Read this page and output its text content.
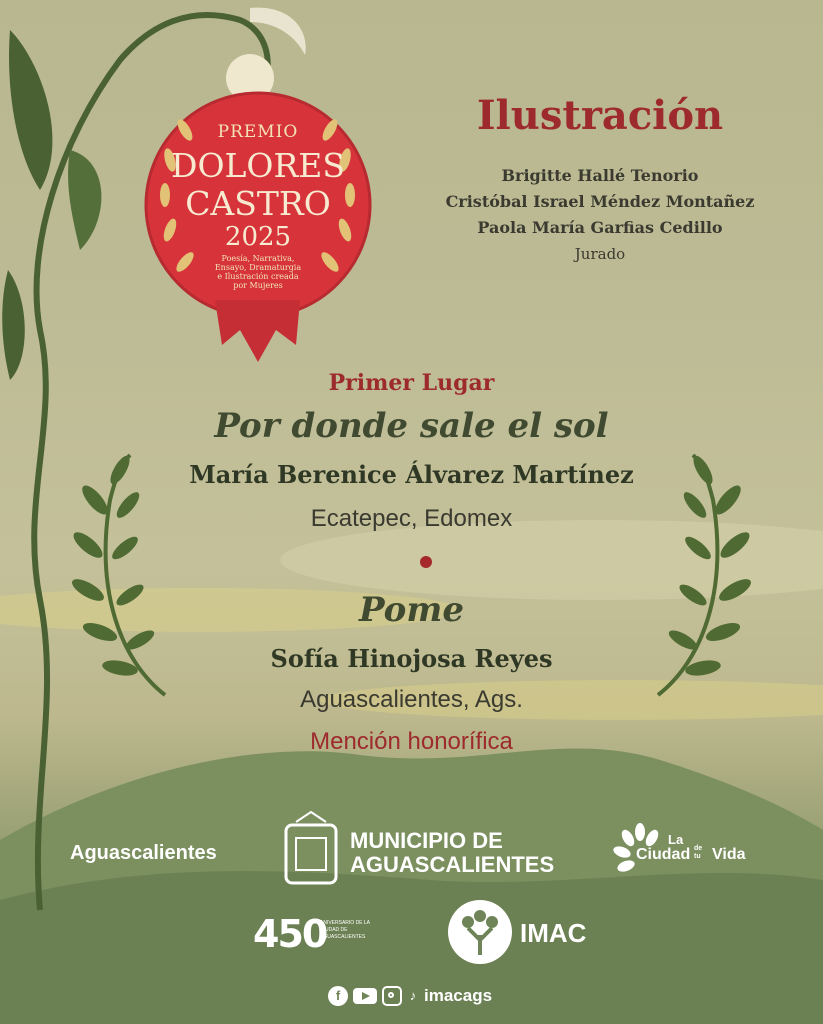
PREMIO
DOLORES
CASTRO
2025
Poesía, Narrativa,
Ensayo, Dramaturgia
e Ilustración creada
por Mujeres
Ilustración
Brigitte Hallé Tenorio
Cristóbal Israel Méndez Montañez
Paola María Garfias Cedillo
Jurado
Primer Lugar
Por donde sale el sol
María Berenice Álvarez Martínez
Ecatepec, Edomex
Pome
Sofía Hinojosa Reyes
Aguascalientes, Ags.
Mención honorífica
Aguascalientes	MUNICIPIO DE
AGUASCALIENTES
La
Ciudad de tu Vida
450
ANIVERSARIO DE LA CIUDAD DE AGUASCALIENTES	IMAC
f	♪ imacags
